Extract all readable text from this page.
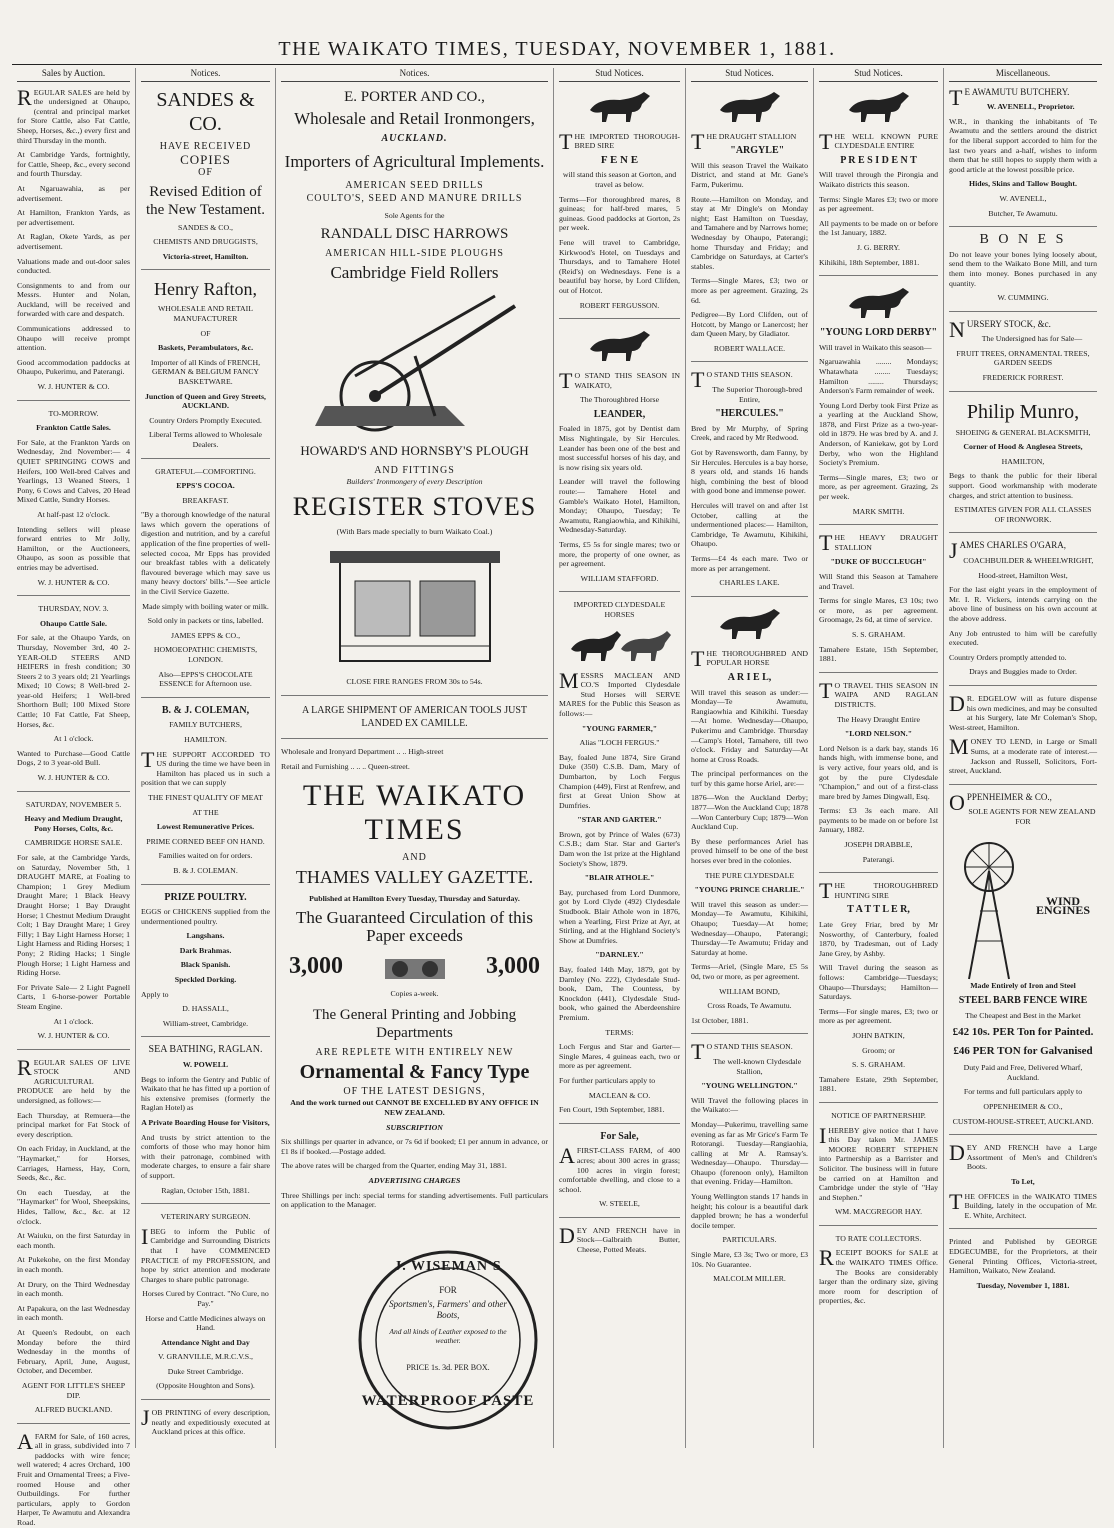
THE WAIKATO TIMES, TUESDAY, NOVEMBER 1, 1881.
Sales by Auction.

REGULAR SALES are held by the undersigned at Ohaupo, (central and principal market for Store Cattle, also Fat Cattle, Sheep, Horses, &c.,) every first and third Thursday in the month.

At Cambridge Yards, fortnightly, for Cattle, Sheep, &c., every second and fourth Thursday.

At Ngaruawahia, as per advertisement.

At Hamilton, Frankton Yards, as per advertisement.

At Raglan, Okete Yards, as per advertisement.

Valuations made and out-door sales conducted.

Consignments to and from our Messrs. Hunter and Nolan, Auckland, will be received and forwarded with care and despatch.

Communications addressed to Ohaupo will receive prompt attention.

Good accommodation paddocks at Ohaupo, Pukerimu, and Paterangi.

W. J. HUNTER & CO.

TO-MORROW.

Frankton Cattle Sales.

For Sale, at the Frankton Yards on Wednesday, 2nd November:— 4 QUIET SPRINGING COWS and Heifers, 100 Well-bred Calves and Yearlings, 13 Weaned Steers, 1 Pony, 6 Cows and Calves, 20 Head Mixed Cattle, Sundry Horses.

At half-past 12 o'clock.

Intending sellers will please forward entries to Mr Jolly, Hamilton, or the Auctioneers, Ohaupo, as soon as possible that entries may be advertised.

W. J. HUNTER & CO.

THURSDAY, NOV. 3.

Ohaupo Cattle Sale.

For sale, at the Ohaupo Yards, on Thursday, November 3rd, 40 2-YEAR-OLD STEERS AND HEIFERS in fresh condition; 30 Steers 2 to 3 years old; 21 Yearlings Mixed; 10 Cows; 8 Well-bred 2-year-old Heifers; 1 Well-bred Shorthorn Bull; 100 Mixed Store Cattle; 10 Fat Cattle, Fat Sheep, Horses, &c.

At 1 o'clock.

Wanted to Purchase—Good Cattle Dogs, 2 to 3 year-old Bull.

W. J. HUNTER & CO.

SATURDAY, NOVEMBER 5.

Heavy and Medium Draught, Pony Horses, Colts, &c.

CAMBRIDGE HORSE SALE.

For sale, at the Cambridge Yards, on Saturday, November 5th, 1 DRAUGHT MARE, at Foaling to Champion; 1 Grey Medium Draught Mare; 1 Black Heavy Draught Horse; 1 Bay Draught Horse; 1 Chestnut Medium Draught Colt; 1 Bay Draught Mare; 1 Grey Filly; 1 Bay Light Harness Horse; 1 Light Harness and Riding Horses; 1 Pony; 2 Riding Hacks; 1 Single Plough Horse; 1 Light Harness and Riding Horse.

For Private Sale— 2 Light Pagnell Carts, 1 6-horse-power Portable Steam Engine.

At 1 o'clock.

W. J. HUNTER & CO.

REGULAR SALES OF LIVE STOCK AND AGRICULTURAL PRODUCE are held by the undersigned, as follows:—

Each Thursday, at Remuera—the principal market for Fat Stock of every description.

On each Friday, in Auckland, at the "Haymarket," for Horses, Carriages, Harness, Hay, Corn, Seeds, &c., &c.

On each Tuesday, at the "Haymarket" for Wool, Sheepskins, Hides, Tallow, &c., &c. at 12 o'clock.

At Waiuku, on the first Saturday in each month.

At Pukekohe, on the first Monday in each month.

At Drury, on the Third Wednesday in each month.

At Papakura, on the last Wednesday in each month.

At Queen's Redoubt, on each Monday before the third Wednesday in the months of February, April, June, August, October, and December.

AGENT FOR LITTLE'S SHEEP DIP.

ALFRED BUCKLAND.

AFARM for Sale, of 160 acres, all in grass, subdivided into 7 paddocks with wire fence; well watered; 4 acres Orchard, 100 Fruit and Ornamental Trees; a Five-roomed House and other Outbuildings. For further particulars, apply to Gordon Harper, Te Awamutu and Alexandra Road.

Notices.
SANDES & CO.
HAVE RECEIVED
COPIES
OF
Revised Edition of the New Testament.

SANDES & CO.,

CHEMISTS AND DRUGGISTS,

Victoria-street, Hamilton.

Henry Rafton,

WHOLESALE AND RETAIL MANUFACTURER

OF

Baskets, Perambulators, &c.

Importer of all Kinds of FRENCH, GERMAN & BELGIUM FANCY BASKETWARE.

Junction of Queen and Grey Streets, AUCKLAND.

Country Orders Promptly Executed.

Liberal Terms allowed to Wholesale Dealers.

GRATEFUL—COMFORTING.

EPPS'S COCOA.

BREAKFAST.

"By a thorough knowledge of the natural laws which govern the operations of digestion and nutrition, and by a careful application of the fine properties of well-selected cocoa, Mr Epps has provided our breakfast tables with a delicately flavoured beverage which may save us many heavy doctors' bills."—See article in the Civil Service Gazette.

Made simply with boiling water or milk.

Sold only in packets or tins, labelled.

JAMES EPPS & CO.,

HOMOEOPATHIC CHEMISTS, LONDON.

Also—EPPS'S CHOCOLATE ESSENCE for Afternoon use.

B. & J. COLEMAN,

FAMILY BUTCHERS,

HAMILTON.

THE SUPPORT ACCORDED TO US during the time we have been in Hamilton has placed us in such a position that we can supply

THE FINEST QUALITY OF MEAT

AT THE

Lowest Remunerative Prices.

PRIME CORNED BEEF ON HAND.

Families waited on for orders.

B. & J. COLEMAN.

PRIZE POULTRY.

EGGS or CHICKENS supplied from the undermentioned poultry.

Langshans.

Dark Brahmas.

Black Spanish.

Speckled Dorking.

Apply to

D. HASSALL,

William-street, Cambridge.

SEA BATHING, RAGLAN.

W. POWELL

Begs to inform the Gentry and Public of Waikato that he has fitted up a portion of his extensive premises (formerly the Raglan Hotel) as

A Private Boarding House for Visitors,

And trusts by strict attention to the comforts of those who may honor him with their patronage, combined with moderate charges, to ensure a fair share of support.

Raglan, October 15th, 1881.

VETERINARY SURGEON.

IBEG to inform the Public of Cambridge and Surrounding Districts that I have COMMENCED PRACTICE of my PROFESSION, and hope by strict attention and moderate Charges to share public patronage.

Horses Cured by Contract. "No Cure, no Pay."

Horse and Cattle Medicines always on Hand.

Attendance Night and Day

V. GRANVILLE, M.R.C.V.S.,

Duke Street Cambridge.

(Opposite Houghton and Sons).

JOB PRINTING of every description, neatly and expeditiously executed at Auckland prices at this office.

Notices.
E. PORTER AND CO.,
Wholesale and Retail Ironmongers,
AUCKLAND.
Importers of Agricultural Implements.
AMERICAN SEED DRILLS
COULTO'S, SEED AND MANURE DRILLS

Sole Agents for the

RANDALL DISC HARROWS
AMERICAN HILL-SIDE PLOUGHS
Cambridge Field Rollers
HOWARD'S AND HORNSBY'S PLOUGH
AND FITTINGS

Builders' Ironmongery of every Description

REGISTER STOVES

(With Bars made specially to burn Waikato Coal.)

CLOSE FIRE RANGES FROM 30s to 54s.

A LARGE SHIPMENT OF AMERICAN TOOLS JUST LANDED EX CAMILLE.

Wholesale and Ironyard Department .. .. High-street

Retail and Furnishing .. .. .. Queen-street.

THE WAIKATO TIMES
AND
THAMES VALLEY GAZETTE.

Published at Hamilton Every Tuesday, Thursday and Saturday.

The Guaranteed Circulation of this Paper exceeds
3,000	3,000

Copies a-week.

The General Printing and Jobbing Departments
ARE REPLETE WITH ENTIRELY NEW
Ornamental & Fancy Type
OF THE LATEST DESIGNS,

And the work turned out CANNOT BE EXCELLED BY ANY OFFICE IN NEW ZEALAND.

SUBSCRIPTION

Six shillings per quarter in advance, or 7s 6d if booked; £1 per annum in advance, or £1 8s if booked.—Postage added.

The above rates will be charged from the Quarter, ending May 31, 1881.

ADVERTISING CHARGES

Three Shillings per inch: special terms for standing advertisements. Full particulars on application to the Manager.

J. WISEMAN'S
FOR
Sportsmen's, Farmers' and other Boots,
And all kinds of Leather exposed to the weather.
PRICE 1s. 3d. PER BOX.
WATERPROOF PASTE
Stud Notices.

THE IMPORTED THOROUGH-BRED SIRE

F E N E

will stand this season at Gorton, and travel as below.

Terms—For thoroughbred mares, 8 guineas; for half-bred mares, 5 guineas. Good paddocks at Gorton, 2s per week.

Fene will travel to Cambridge, Kirkwood's Hotel, on Tuesdays and Thursdays, and to Tamahere Hotel (Reid's) on Wednesdays. Fene is a beautiful bay horse, by Lord Clifden, out of Hotcot.

ROBERT FERGUSSON.

TO STAND THIS SEASON IN WAIKATO,

The Thoroughbred Horse

LEANDER,

Foaled in 1875, got by Dentist dam Miss Nightingale, by Sir Hercules. Leander has been one of the best and most successful horses of his day, and is now rising six years old.

Leander will travel the following route:— Tamahere Hotel and Gamble's Waikato Hotel, Hamilton, Monday; Ohaupo, Tuesday; Te Awamutu, Rangiaowhia, and Kihikihi, Wednesday-Saturday.

Terms, £5 5s for single mares; two or more, the property of one owner, as per agreement.

WILLIAM STAFFORD.

IMPORTED CLYDESDALE HORSES

MESSRS MACLEAN AND CO.'S Imported Clydesdale Stud Horses will SERVE MARES for the Public this Season as follows:—

"YOUNG FARMER,"

Alias "LOCH FERGUS."

Bay, foaled June 1874, Sire Grand Duke (350) C.S.B. Dam, Mary of Dumbarton, by Loch Fergus Champion (449), First at Renfrew, and first at Great Union Show at Dumfries.

"STAR AND GARTER."

Brown, got by Prince of Wales (673) C.S.B.; dam Star. Star and Garter's Dam won the 1st prize at the Highland Society's Show, 1879.

"BLAIR ATHOLE."

Bay, purchased from Lord Dunmore, got by Lord Clyde (492) Clydesdale Studbook. Blair Athole won in 1876, when a Yearling, First Prize at Ayr, at Stirling, and at the Highland Society's Show at Dumfries.

"DARNLEY."

Bay, foaled 14th May, 1879, got by Darnley (No. 222), Clydesdale Stud-book, Dam, The Countess, by Knockdon (441), Clydesdale Stud-book, who gained the Aberdeenshire Premium.

TERMS:

Loch Fergus and Star and Garter—Single Mares, 4 guineas each, two or more as per agreement.

For further particulars apply to

MACLEAN & CO.

Fen Court, 19th September, 1881.

For Sale,

AFIRST-CLASS FARM, of 400 acres; about 300 acres in grass; 100 acres in virgin forest; comfortable dwelling, and close to a school.

W. STEELE,

DEY AND FRENCH have in Stock—Galbraith Butter, Cheese, Potted Meats.

Stud Notices.

THE DRAUGHT STALLION

"ARGYLE"

Will this season Travel the Waikato District, and stand at Mr. Gane's Farm, Pukerimu.

Route.—Hamilton on Monday, and stay at Mr Dingle's on Monday night; East Hamilton on Tuesday, and Tamahere and by Narrows home; Wednesday by Ohaupo, Paterangi; home Thursday and Friday; and Cambridge on Saturdays, at Carter's stables.

Terms—Single Mares, £3; two or more as per agreement. Grazing, 2s 6d.

Pedigree—By Lord Clifden, out of Hotcott, by Mango or Lanercost; her dam Queen Mary, by Gladiator.

ROBERT WALLACE.

TO STAND THIS SEASON.

The Superior Thorough-bred Entire,

"HERCULES."

Bred by Mr Murphy, of Spring Creek, and raced by Mr Redwood.

Got by Ravensworth, dam Fanny, by Sir Hercules. Hercules is a bay horse, 8 years old, and stands 16 hands high, combining the best of blood with good bone and immense power.

Hercules will travel on and after 1st October, calling at the undermentioned places:— Hamilton, Cambridge, Te Awamutu, Kihikihi, Ohaupo.

Terms—£4 4s each mare. Two or more as per arrangement.

CHARLES LAKE.

THE THOROUGHBRED AND POPULAR HORSE

A R I E L,

Will travel this season as under:— Monday—Te Awamutu, Rangiaowhia and Kihikihi. Tuesday—At home. Wednesday—Ohaupo, Pukerimu and Cambridge. Thursday—Camp's Hotel, Tamahere, till two o'clock. Friday and Saturday—At home at Cross Roads.

The principal performances on the turf by this game horse Ariel, are:—

1876—Won the Auckland Derby; 1877—Won the Auckland Cup; 1878—Won Canterbury Cup; 1879—Won Auckland Cup.

By these performances Ariel has proved himself to be one of the best horses ever bred in the colonies.

THE PURE CLYDESDALE

"YOUNG PRINCE CHARLIE."

Will travel this season as under:— Monday—Te Awamutu, Kihikihi, Ohaupo; Tuesday—At home; Wednesday—Ohaupo, Paterangi; Thursday—Te Awamutu; Friday and Saturday at home.

Terms—Ariel, (Single Mare, £5 5s 0d, two or more, as per agreement.

WILLIAM BOND,

Cross Roads, Te Awamutu.

1st October, 1881.

TO STAND THIS SEASON.

The well-known Clydesdale Stallion,

"YOUNG WELLINGTON."

Will Travel the following places in the Waikato:—

Monday—Pukerimu, travelling same evening as far as Mr Grice's Farm Te Rotorangi. Tuesday—Rangiaohia, calling at Mr A. Ramsay's. Wednesday—Ohaupo. Thursday—Ohaupo (forenoon only), Hamilton that evening. Friday—Hamilton.

Young Wellington stands 17 hands in height; his colour is a beautiful dark dappled brown; he has a wonderful docile temper.

PARTICULARS.

Single Mare, £3 3s; Two or more, £3 10s. No Guarantee.

MALCOLM MILLER.

Stud Notices.

THE WELL KNOWN PURE CLYDESDALE ENTIRE

P R E S I D E N T

Will travel through the Pirongia and Waikato districts this season.

Terms: Single Mares £3; two or more as per agreement.

All payments to be made on or before the 1st January, 1882.

J. G. BERRY.

Kihikihi, 18th September, 1881.

"YOUNG LORD DERBY"

Will travel in Waikato this season—

Ngaruawahia ........ Mondays; Whatawhata ........ Tuesdays; Hamilton ........ Thursdays; Anderson's Farm remainder of week.

Young Lord Derby took First Prize as a yearling at the Auckland Show, 1878, and First Prize as a two-year-old in 1879. He was bred by A. and J. Anderson, of Kaniekaw, got by Lord Derby, who won the Highland Society's Premium.

Terms—Single mares, £3; two or more, as per agreement. Grazing, 2s per week.

MARK SMITH.

THE HEAVY DRAUGHT STALLION

"DUKE OF BUCCLEUGH"

Will Stand this Season at Tamahere and Travel.

Terms for single Mares, £3 10s; two or more, as per agreement. Groomage, 2s 6d, at time of service.

S. S. GRAHAM.

Tamahere Estate, 15th September, 1881.

TO TRAVEL THIS SEASON IN WAIPA AND RAGLAN DISTRICTS.

The Heavy Draught Entire

"LORD NELSON."

Lord Nelson is a dark bay, stands 16 hands high, with immense bone, and is very active, four years old, and is got by the pure Clydesdale "Champion," and out of a first-class mare bred by James Dingwall, Esq.

Terms: £3 3s each mare. All payments to be made on or before 1st January, 1882.

JOSEPH DRABBLE,

Paterangi.

THE THOROUGHBRED HUNTING SIRE

T A T T L E R,

Late Grey Friar, bred by Mr Nosworthy, of Canterbury, foaled 1870, by Tradesman, out of Lady Jane Grey, by Ashby.

Will Travel during the season as follows: Cambridge—Tuesdays; Ohaupo—Thursdays; Hamilton—Saturdays.

Terms—For single mares, £3; two or more as per agreement.

JOHN BATKIN,

Groom; or

S. S. GRAHAM.

Tamahere Estate, 29th September, 1881.

NOTICE OF PARTNERSHIP.

IHEREBY give notice that I have this Day taken Mr. JAMES MOORE ROBERT STEPHEN into Partnership as a Barrister and Solicitor. The business will in future be carried on at Hamilton and Cambridge under the style of "Hay and Stephen."

WM. MACGREGOR HAY.

TO RATE COLLECTORS.

RECEIPT BOOKS for SALE at the WAIKATO TIMES Office. The Books are considerably larger than the ordinary size, giving more room for description of properties, &c.

Miscellaneous.

TE AWAMUTU BUTCHERY.

W. AVENELL, Proprietor.

W.R., in thanking the inhabitants of Te Awamutu and the settlers around the district for the liberal support accorded to him for the last two years and a-half, wishes to inform them that he still hopes to supply them with a good article at the lowest possible price.

Hides, Skins and Tallow Bought.

W. AVENELL,

Butcher, Te Awamutu.

B O N E S

Do not leave your bones lying loosely about, send them to the Waikato Bone Mill, and turn them into money. Bones purchased in any quantity.

W. CUMMING.

NURSERY STOCK, &c.

The Undersigned has for Sale—

FRUIT TREES, ORNAMENTAL TREES, GARDEN SEEDS

FREDERICK FORREST.

Philip Munro,

SHOEING & GENERAL BLACKSMITH,

Corner of Hood & Anglesea Streets,

HAMILTON,

Begs to thank the public for their liberal support. Good workmanship with moderate charges, and strict attention to business.

ESTIMATES GIVEN FOR ALL CLASSES OF IRONWORK.

JAMES CHARLES O'GARA,

COACHBUILDER & WHEELWRIGHT,

Hood-street, Hamilton West,

For the last eight years in the employment of Mr. I. R. Vickers, intends carrying on the above line of business on his own account at the above address.

Any Job entrusted to him will be carefully executed.

Country Orders promptly attended to.

Drays and Buggies made to Order.

DR. EDGELOW will as future dispense his own medicines, and may be consulted at his Surgery, late Mr Coleman's Shop, West-street, Hamilton.

MONEY TO LEND, in Large or Small Sums, at a moderate rate of interest.—Jackson and Russell, Solicitors, Fort-street, Auckland.

OPPENHEIMER & CO.,

SOLE AGENTS FOR NEW ZEALAND FOR

WIND ENGINES

Made Entirely of Iron and Steel

STEEL BARB FENCE WIRE

The Cheapest and Best in the Market

£42 10s. PER Ton for Painted.

£46 PER TON for Galvanised

Duty Paid and Free, Delivered Wharf, Auckland.

For terms and full particulars apply to

OPPENHEIMER & CO.,

CUSTOM-HOUSE-STREET, AUCKLAND.

DEY AND FRENCH have a Large Assortment of Men's and Children's Boots.

To Let,

THE OFFICES in the WAIKATO TIMES Building, lately in the occupation of Mr. E. White, Architect.

Printed and Published by GEORGE EDGECUMBE, for the Proprietors, at their General Printing Offices, Victoria-street, Hamilton, Waikato, New Zealand.

Tuesday, November 1, 1881.
